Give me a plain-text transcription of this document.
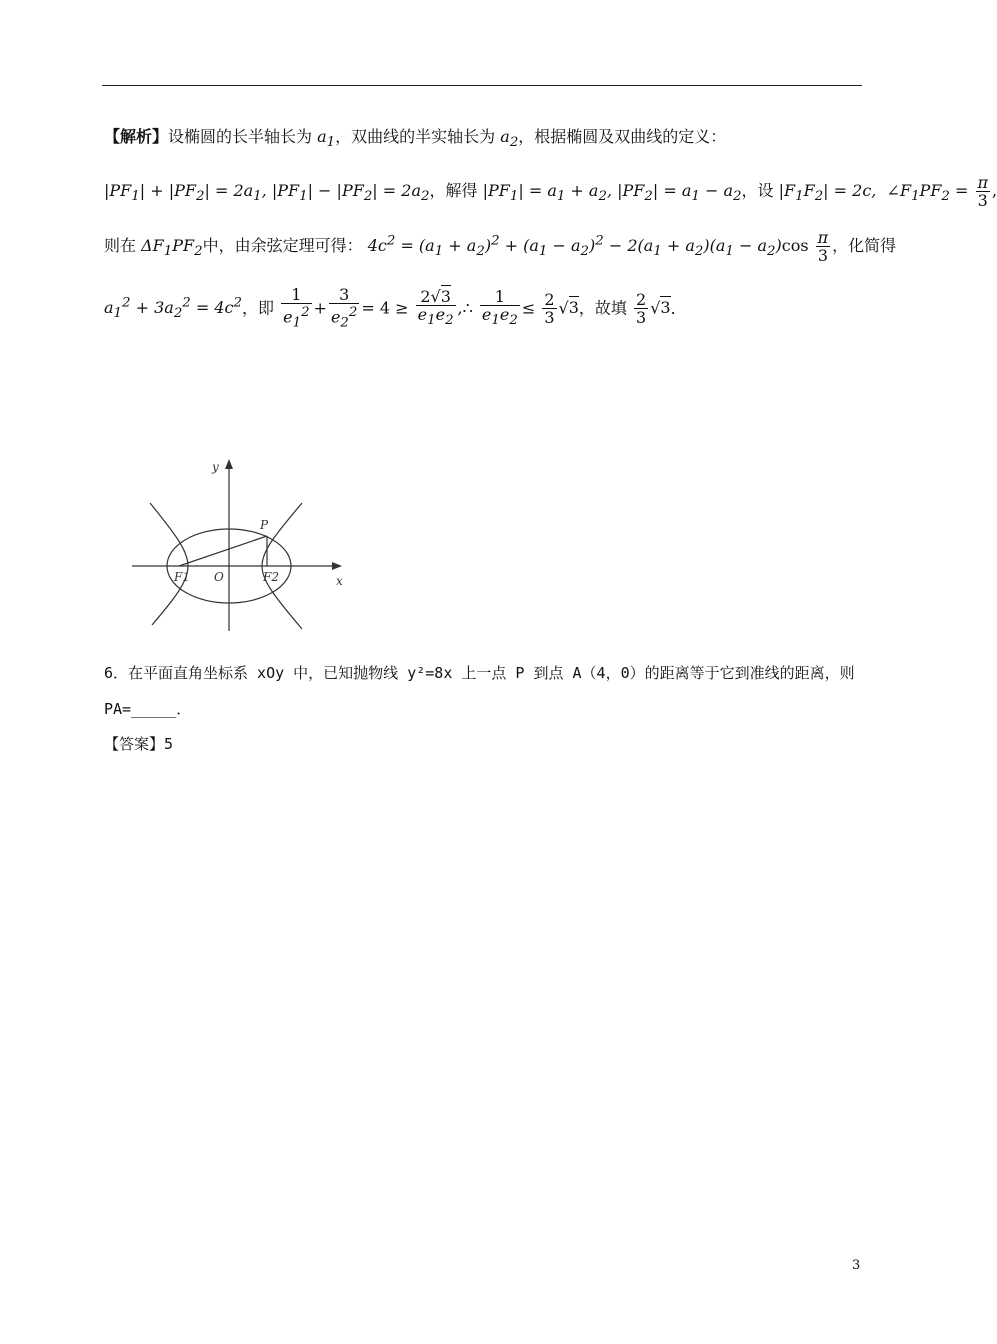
【解析】设椭圆的长半轴长为 $a_1$，双曲线的半实轴长为 $a_2$，根据椭圆及双曲线的定义：
$|PF_1| + |PF_2| = 2a_1$, $|PF_1| - |PF_2| = 2a_2$，解得 $|PF_1| = a_1 + a_2$, $|PF_2| = a_1 - a_2$，设 $|F_1F_2| = 2c$,  $\angle F_1PF_2 = \frac{\pi}{3}$ ,
则在 $\Delta F_1PF_2$中，由余弦定理可得： $4c^2 = (a_1 + a_2)^2 + (a_1 - a_2)^2 - 2(a_1 + a_2)(a_1 - a_2)\cos \frac{\pi}{3}$ ，化简得
$a_1^2 + 3a_2^2 = 4c^2$，即 $\frac{1}{e_1^2} + \frac{3}{e_2^2} = 4 \ge \frac{2√3}{e_1e_2}$ ,∴ $\frac{1}{e_1e_2} \le \frac{2}{3} √3$，故填 $\frac{2}{3} √3$．
y
x
P
O
F1	F2
6．在平面直角坐标系 xOy 中，已知抛物线 y²=8x 上一点 P 到点 A（4，0）的距离等于它到准线的距离，则
PA=_____．
【答案】5
3
